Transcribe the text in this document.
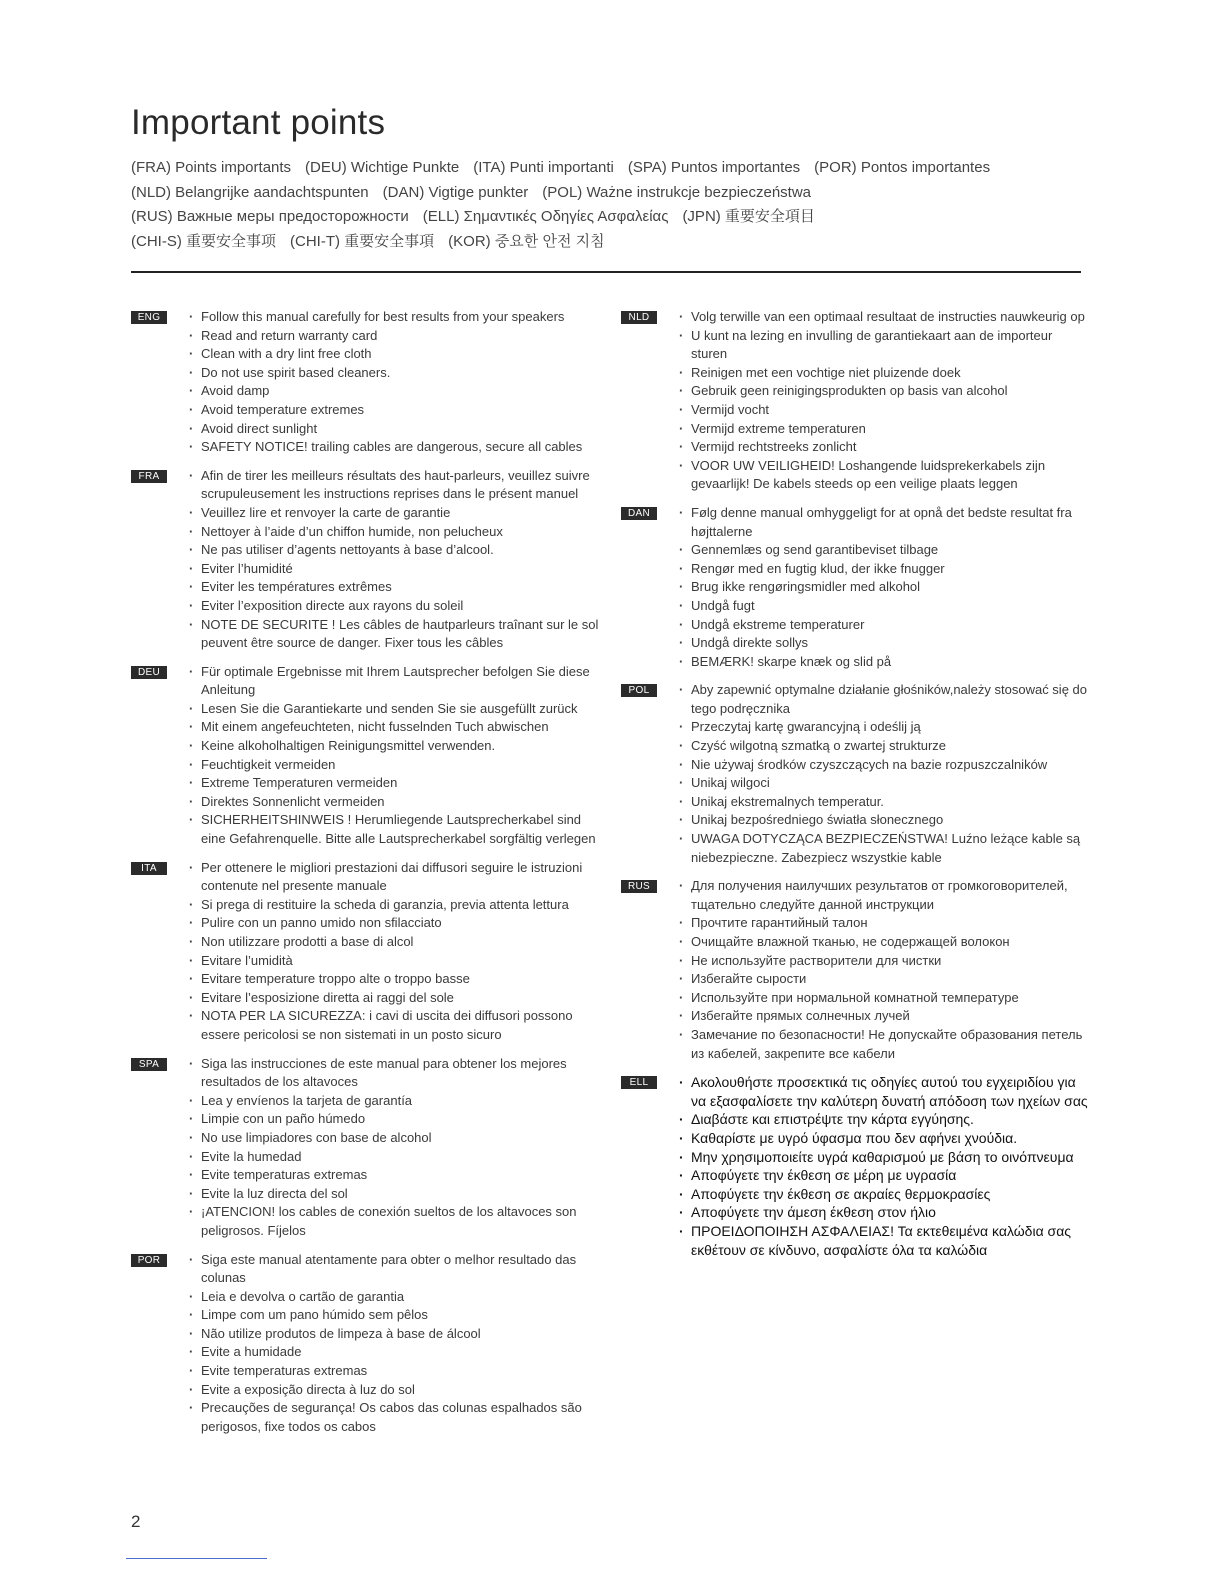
Important points
(FRA) Points importants (DEU) Wichtige Punkte (ITA) Punti importanti (SPA) Puntos importantes (POR) Pontos importantes
(NLD) Belangrijke aandachtspunten (DAN) Vigtige punkter (POL) Ważne instrukcje bezpieczeństwa
(RUS) Важные меры предосторожности (ELL) Σημαντικές Οδηγίες Ασφαλείας (JPN) 重要安全項目
(CHI-S) 重要安全事项 (CHI-T) 重要安全事項 (KOR) 중요한 안전 지침
ENG	· Follow this manual carefully for best results from your speakers
· Read and return warranty card
· Clean with a dry lint free cloth
· Do not use spirit based cleaners.
· Avoid damp
· Avoid temperature extremes
· Avoid direct sunlight
· SAFETY NOTICE! trailing cables are dangerous, secure all cables
FRA	· Afin de tirer les meilleurs résultats des haut-parleurs, veuillez suivre scrupuleusement les instructions reprises dans le présent manuel
· Veuillez lire et renvoyer la carte de garantie
· Nettoyer à l’aide d’un chiffon humide, non pelucheux
· Ne pas utiliser d’agents nettoyants à base d’alcool.
· Eviter l’humidité
· Eviter les températures extrêmes
· Eviter l’exposition directe aux rayons du soleil
· NOTE DE SECURITE ! Les câbles de hautparleurs traînant sur le sol peuvent être source de danger. Fixer tous les câbles
DEU	· Für optimale Ergebnisse mit Ihrem Lautsprecher befolgen Sie diese Anleitung
· Lesen Sie die Garantiekarte und senden Sie sie ausgefüllt zurück
· Mit einem angefeuchteten, nicht fusselnden Tuch abwischen
· Keine alkoholhaltigen Reinigungsmittel verwenden.
· Feuchtigkeit vermeiden
· Extreme Temperaturen vermeiden
· Direktes Sonnenlicht vermeiden
· SICHERHEITSHINWEIS ! Herumliegende Lautsprecherkabel sind eine Gefahrenquelle. Bitte alle Lautsprecherkabel sorgfältig verlegen
ITA	· Per ottenere le migliori prestazioni dai diffusori seguire le istruzioni contenute nel presente manuale
· Si prega di restituire la scheda di garanzia, previa attenta lettura
· Pulire con un panno umido non sfilacciato
· Non utilizzare prodotti a base di alcol
· Evitare l’umidità
· Evitare temperature troppo alte o troppo basse
· Evitare l’esposizione diretta ai raggi del sole
· NOTA PER LA SICUREZZA: i cavi di uscita dei diffusori possono essere pericolosi se non sistemati in un posto sicuro
SPA	· Siga las instrucciones de este manual para obtener los mejores resultados de los altavoces
· Lea y envíenos la tarjeta de garantía
· Limpie con un paño húmedo
· No use limpiadores con base de alcohol
· Evite la humedad
· Evite temperaturas extremas
· Evite la luz directa del sol
· ¡ATENCION! los cables de conexión sueltos de los altavoces son peligrosos. Fíjelos
POR	· Siga este manual atentamente para obter o melhor resultado das colunas
· Leia e devolva o cartão de garantia
· Limpe com um pano húmido sem pêlos
· Não utilize produtos de limpeza à base de álcool
· Evite a humidade
· Evite temperaturas extremas
· Evite a exposição directa à luz do sol
· Precauções de segurança! Os cabos das colunas espalhados são perigosos, fixe todos os cabos
NLD	· Volg terwille van een optimaal resultaat de instructies nauwkeurig op
· U kunt na lezing en invulling de garantiekaart aan de importeur sturen
· Reinigen met een vochtige niet pluizende doek
· Gebruik geen reinigingsprodukten op basis van alcohol
· Vermijd vocht
· Vermijd extreme temperaturen
· Vermijd rechtstreeks zonlicht
· VOOR UW VEILIGHEID! Loshangende luidsprekerkabels zijn gevaarlijk! De kabels steeds op een veilige plaats leggen
DAN	· Følg denne manual omhyggeligt for at opnå det bedste resultat fra højttalerne
· Gennemlæs og send garantibeviset tilbage
· Rengør med en fugtig klud, der ikke fnugger
· Brug ikke rengøringsmidler med alkohol
· Undgå fugt
· Undgå ekstreme temperaturer
· Undgå direkte sollys
· BEMÆRK! skarpe knæk og slid på
POL	· Aby zapewnić optymalne działanie głośników,należy stosować się do tego podręcznika
· Przeczytaj kartę gwarancyjną i odeślij ją
· Czyść wilgotną szmatką o zwartej strukturze
· Nie używaj środków czyszczących na bazie rozpuszczalników
· Unikaj wilgoci
· Unikaj ekstremalnych temperatur.
· Unikaj bezpośredniego światła słonecznego
· UWAGA DOTYCZĄCA BEZPIECZEŃSTWA! Luźno leżące kable są niebezpieczne. Zabezpiecz wszystkie kable
RUS	· Для получения наилучших результатов от громкоговорителей, тщательно следуйте данной инструкции
· Прочтите гарантийный талон
· Очищайте влажной тканью, не содержащей волокон
· Не используйте растворители для чистки
· Избегайте сырости
· Используйте при нормальной комнатной температуре
· Избегайте прямых солнечных лучей
· Замечание по безопасности! Не допускайте образования петель из кабелей, закрепите все кабели
ELL	· Ακολουθήστε προσεκτικά τις οδηγίες αυτού του εγχειριδίου για να εξασφαλίσετε την καλύτερη δυνατή απόδοση των ηχείων σας
· Διαβάστε και επιστρέψτε την κάρτα εγγύησης.
· Καθαρίστε με υγρό ύφασμα που δεν αφήνει χνούδια.
· Μην χρησιμοποιείτε υγρά καθαρισμού με βάση το οινόπνευμα
· Αποφύγετε την έκθεση σε μέρη με υγρασία
· Αποφύγετε την έκθεση σε ακραίες θερμοκρασίες
· Αποφύγετε την άμεση έκθεση στον ήλιο
· ΠΡΟΕΙΔΟΠΟΙΗΣΗ ΑΣΦΑΛΕΙΑΣ! Τα εκτεθειμένα καλώδια σας εκθέτουν σε κίνδυνο, ασφαλίστε όλα τα καλώδια
2
